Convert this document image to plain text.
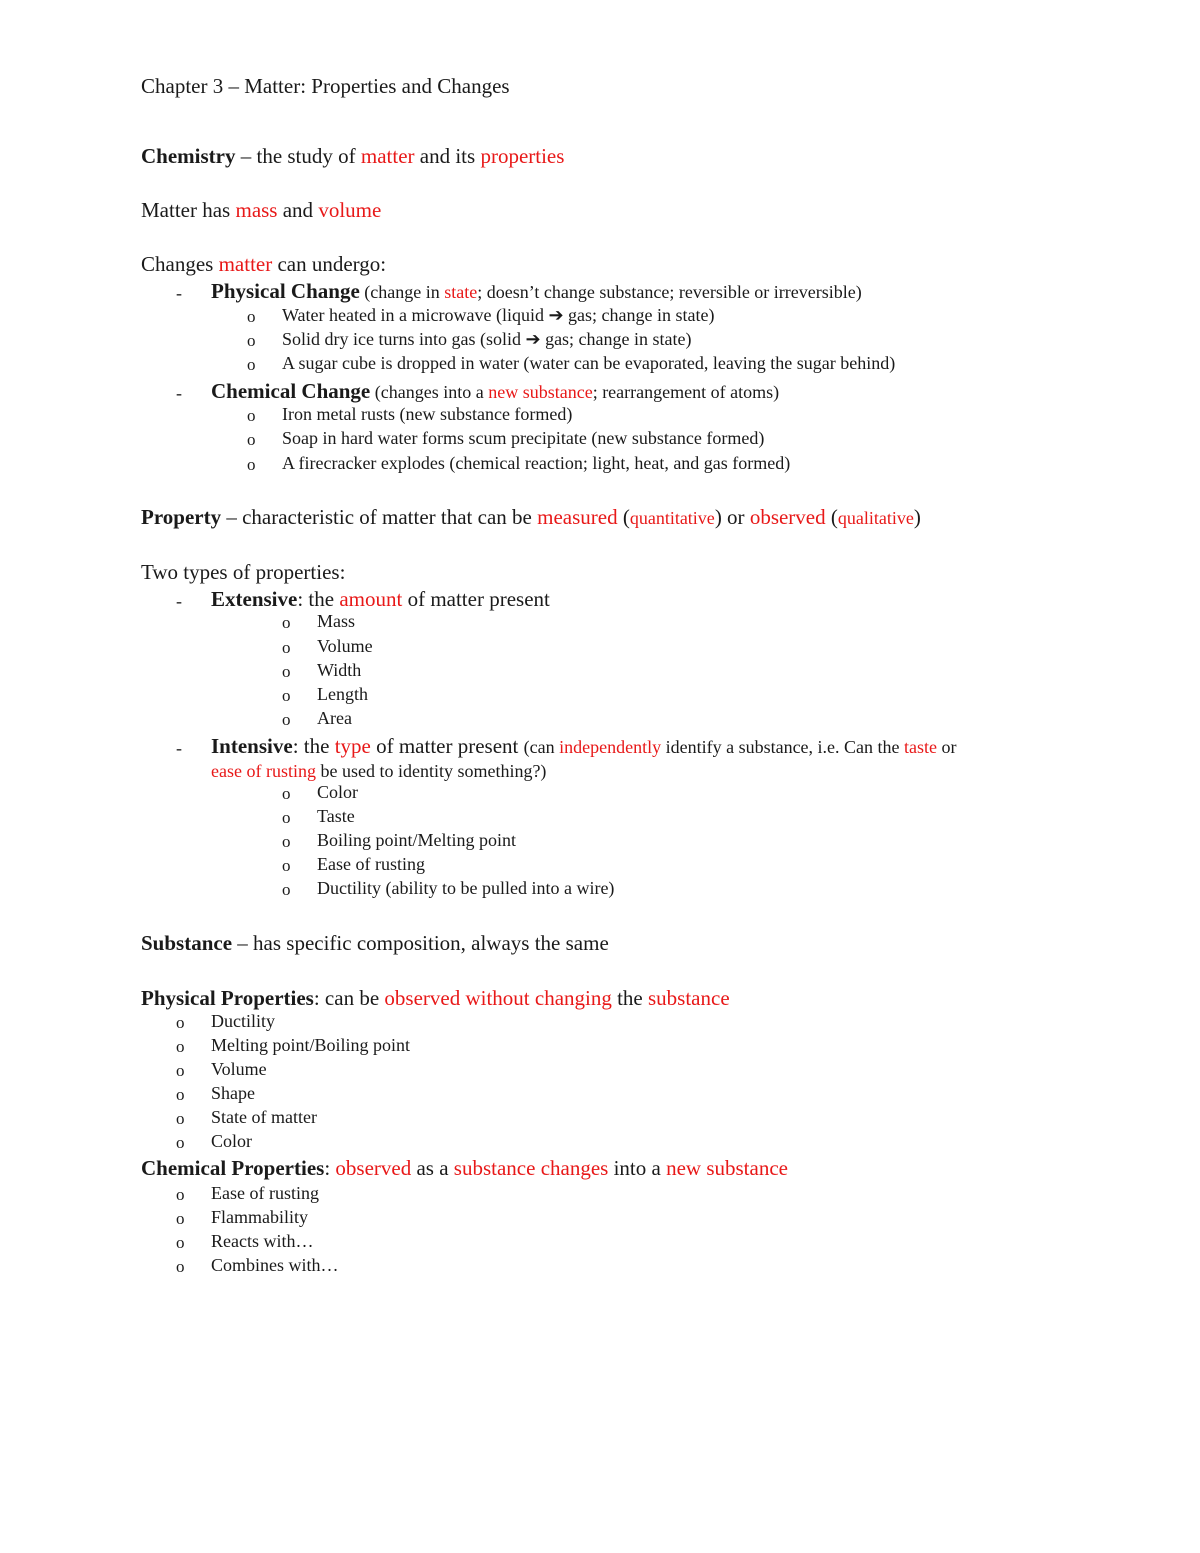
Chapter 3 – Matter: Properties and Changes
Chemistry – the study of matter and its properties
Matter has mass and volume
Changes matter can undergo:
- Physical Change (change in state; doesn’t change substance; reversible or irreversible)
o Water heated in a microwave (liquid ➔ gas; change in state)
o Solid dry ice turns into gas (solid ➔ gas; change in state)
o A sugar cube is dropped in water (water can be evaporated, leaving the sugar behind)
- Chemical Change (changes into a new substance; rearrangement of atoms)
o Iron metal rusts (new substance formed)
o Soap in hard water forms scum precipitate (new substance formed)
o A firecracker explodes (chemical reaction; light, heat, and gas formed)
Property – characteristic of matter that can be measured (quantitative) or observed (qualitative)
Two types of properties:
- Extensive: the amount of matter present
o Mass
o Volume
o Width
o Length
o Area
- Intensive: the type of matter present (can independently identify a substance, i.e. Can the taste or
ease of rusting be used to identity something?)
o Color
o Taste
o Boiling point/Melting point
o Ease of rusting
o Ductility (ability to be pulled into a wire)
Substance – has specific composition, always the same
Physical Properties: can be observed without changing the substance
o Ductility
o Melting point/Boiling point
o Volume
o Shape
o State of matter
o Color
Chemical Properties: observed as a substance changes into a new substance
o Ease of rusting
o Flammability
o Reacts with…
o Combines with…
